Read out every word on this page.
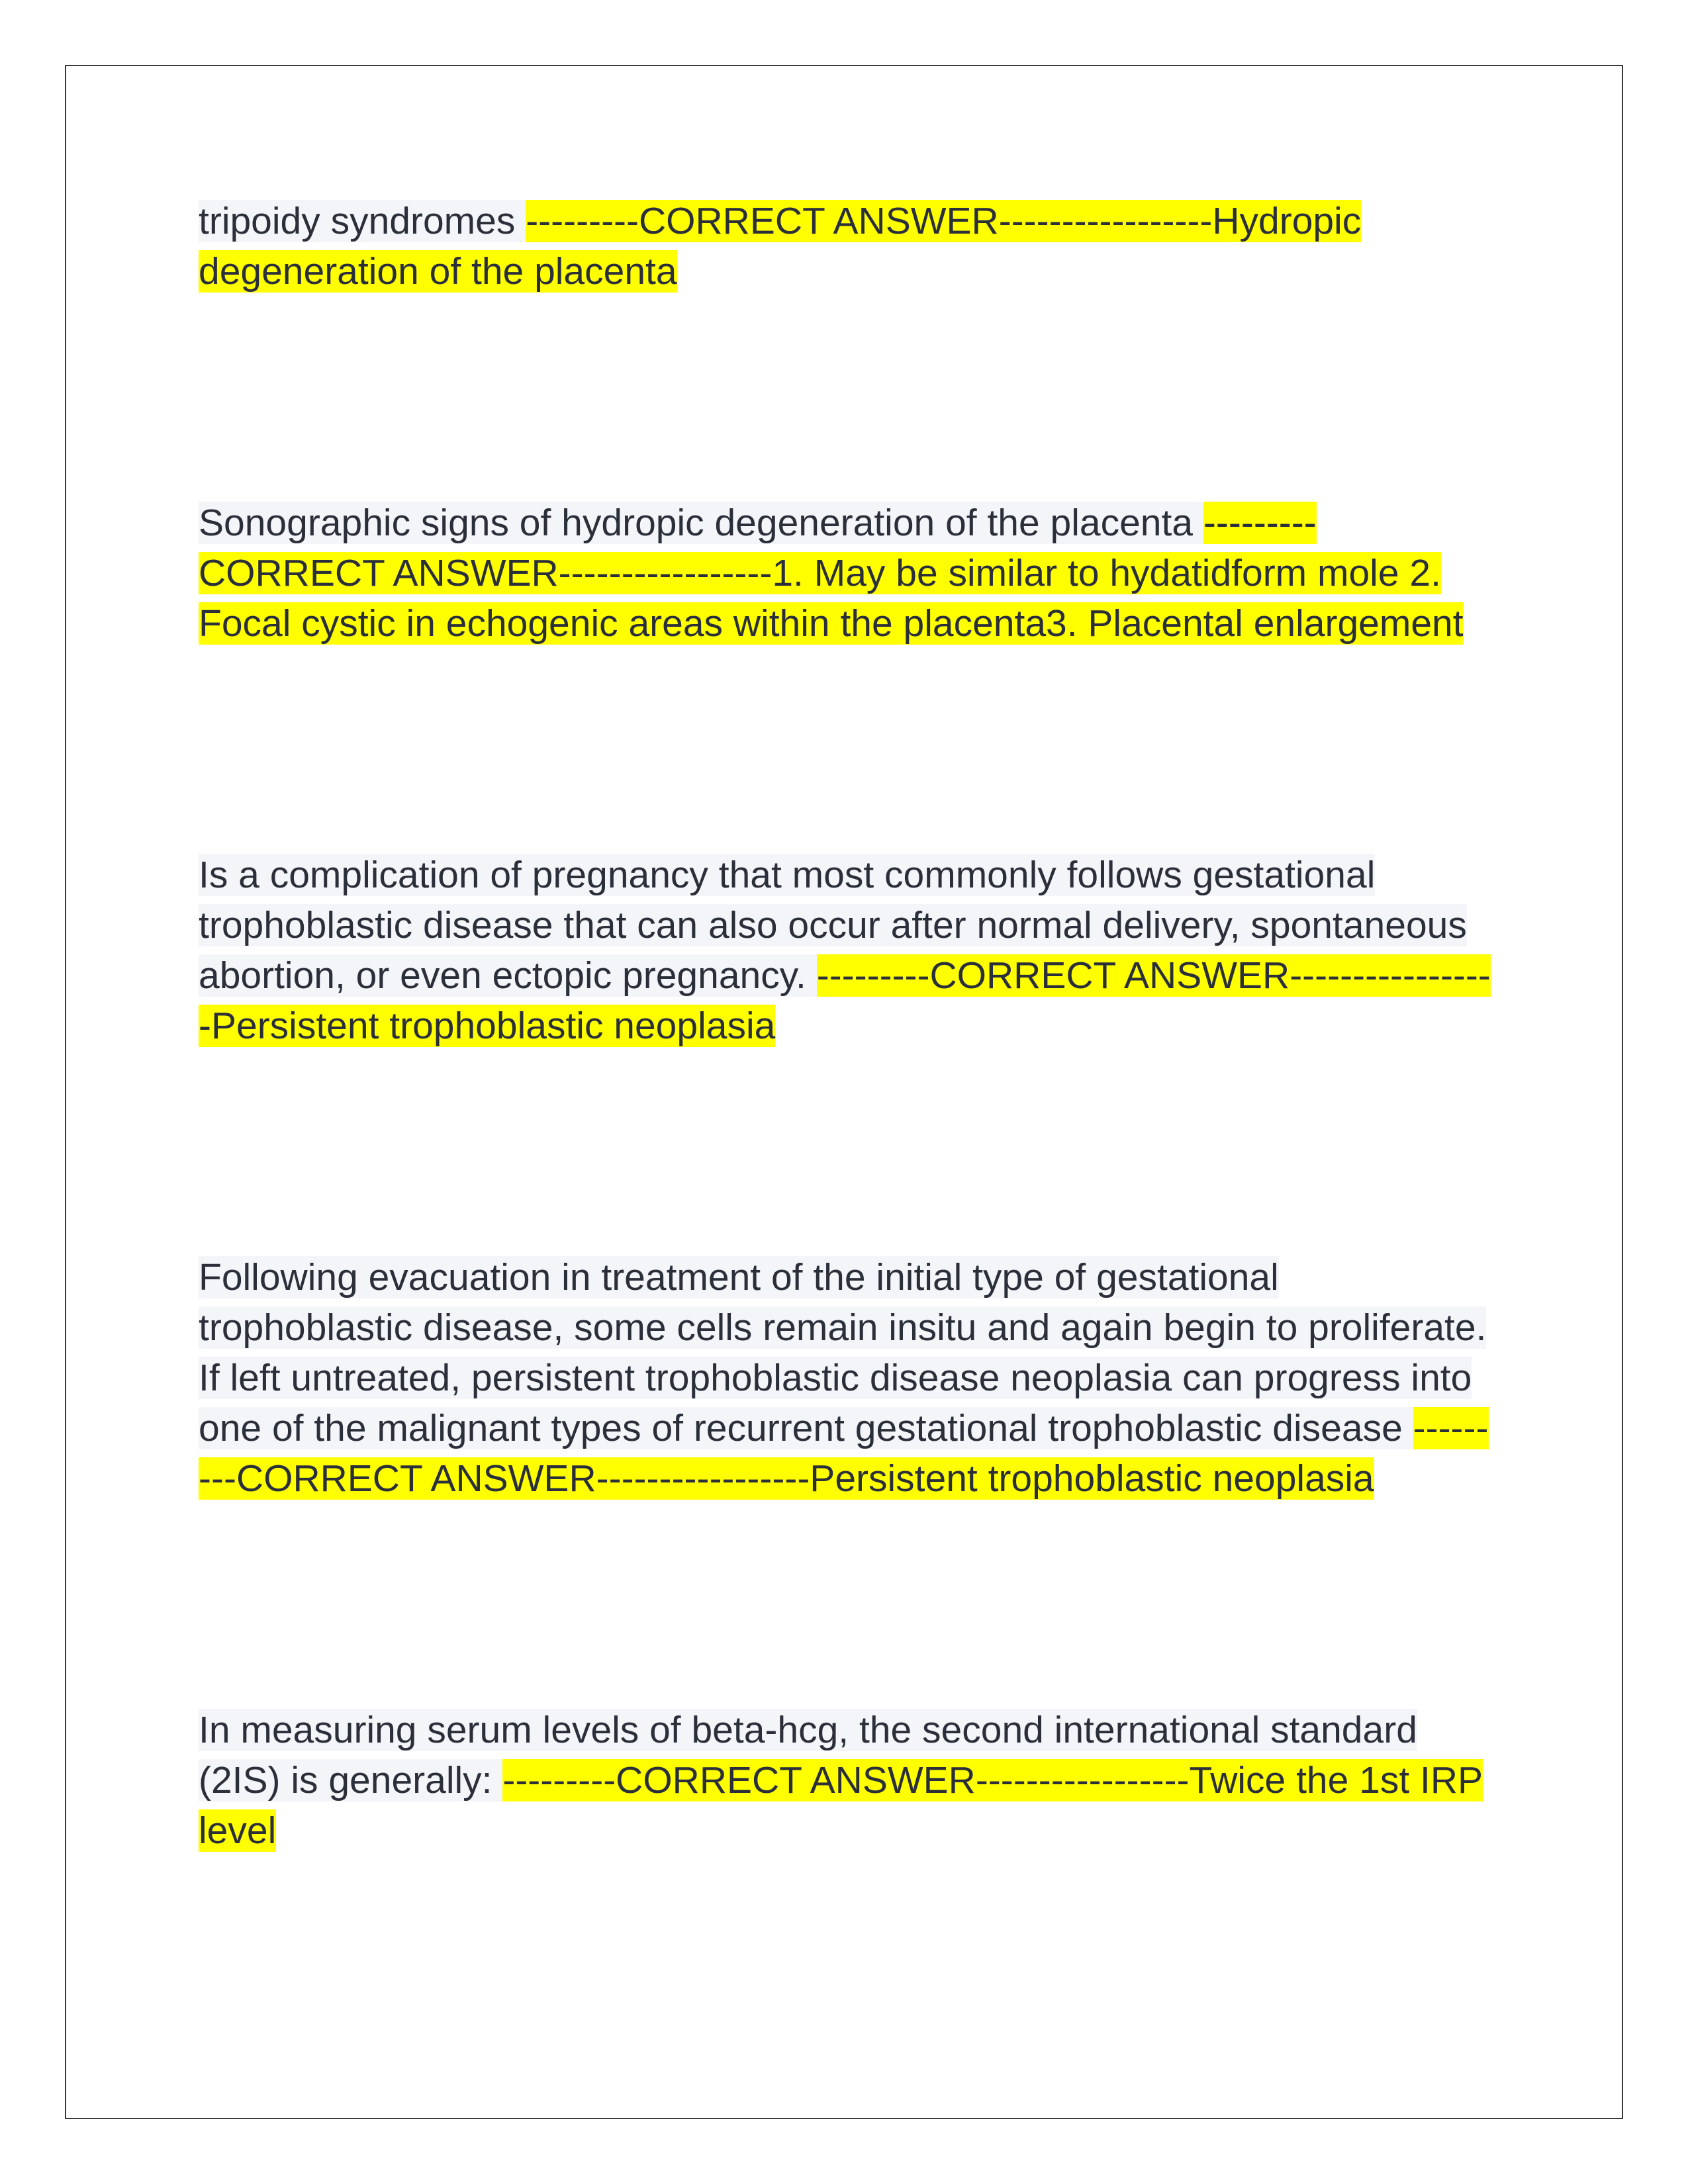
tripoidy syndromes ---------CORRECT ANSWER-----------------Hydropic degeneration of the placenta

Sonographic signs of hydropic degeneration of the placenta ---------CORRECT ANSWER-----------------1. May be similar to hydatidform mole 2. Focal cystic in echogenic areas within the placenta3. Placental enlargement

Is a complication of pregnancy that most commonly follows gestational trophoblastic disease that can also occur after normal delivery, spontaneous abortion, or even ectopic pregnancy. ---------CORRECT ANSWER-----------------Persistent trophoblastic neoplasia

Following evacuation in treatment of the initial type of gestational trophoblastic disease, some cells remain insitu and again begin to proliferate. If left untreated, persistent trophoblastic disease neoplasia can progress into one of the malignant types of recurrent gestational trophoblastic disease ---------CORRECT ANSWER-----------------Persistent trophoblastic neoplasia

In measuring serum levels of beta-hcg, the second international standard (2IS) is generally: ---------CORRECT ANSWER-----------------Twice the 1st IRP level
